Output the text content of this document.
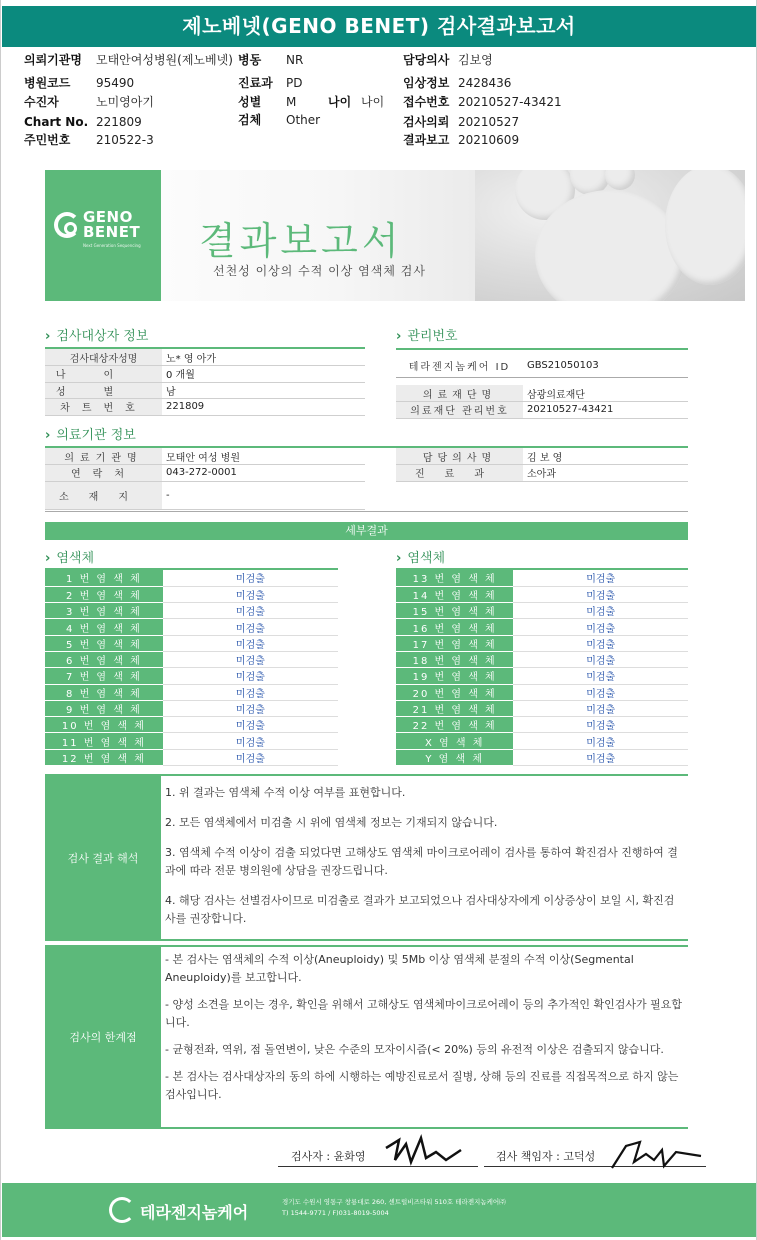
제노베넷(GENO BENET) 검사결과보고서
의뢰기관명 모태안여성병원(제노베넷) 병동 NR	담당의사 김보영
병원코드 95490	진료과 PD	임상정보 2428436
수진자	노미영아기	성별 M	나이 나이 접수번호 20210527-43421
Chart No. 221809	검체 Other	검사의뢰 20210527
주민번호 210522-3	결과보고 20210609
GENO
BENET
Next Generation Sequencing 결과보고서
선천성 이상의 수적 이상 염색체 검사
› 검사대상자 정보
검사대상자성명	노* 영 아가
나이	0 개월
성별	남
차트번호	221809
› 관리번호
테라젠지놈케어 ID	GBS21050103

의료재단명	삼광의료재단
의료재단 관리번호	20210527-43421
› 의료기관 정보
의료기관명	모태안 여성 병원
연락처	043-272-0001
소재지	-
담당의사명	김 보 영
진료과	소아과
세부결과
› 염색체	› 염색체
1 번 염 색 체	미검출
2 번 염 색 체	미검출
3 번 염 색 체	미검출
4 번 염 색 체	미검출
5 번 염 색 체	미검출
6 번 염 색 체	미검출
7 번 염 색 체	미검출
8 번 염 색 체	미검출
9 번 염 색 체	미검출
10 번 염 색 체	미검출
11 번 염 색 체	미검출
12 번 염 색 체	미검출
13 번 염 색 체	미검출
14 번 염 색 체	미검출
15 번 염 색 체	미검출
16 번 염 색 체	미검출
17 번 염 색 체	미검출
18 번 염 색 체	미검출
19 번 염 색 체	미검출
20 번 염 색 체	미검출
21 번 염 색 체	미검출
22 번 염 색 체	미검출
X 염 색 체	미검출
Y 염 색 체	미검출
검사 결과 해석

1. 위 결과는 염색체 수적 이상 여부를 표현합니다.

2. 모든 염색체에서 미검출 시 위에 염색체 정보는 기재되지 않습니다.

3. 염색체 수적 이상이 검출 되었다면 고해상도 염색체 마이크로어레이 검사를 통하여 확진검사 진행하여 결과에 따라 전문 병의원에 상담을 권장드립니다.

4. 해당 검사는 선별검사이므로 미검출로 결과가 보고되었으나 검사대상자에게 이상증상이 보일 시, 확진검사를 권장합니다.

검사의 한계점

- 본 검사는 염색체의 수적 이상(Aneuploidy) 및 5Mb 이상 염색체 분절의 수적 이상(Segmental Aneuploidy)를 보고합니다.

- 양성 소견을 보이는 경우, 확인을 위해서 고해상도 염색체마이크로어레이 등의 추가적인 확인검사가 필요합니다.

- 균형전좌, 역위, 점 돌연변이, 낮은 수준의 모자이시즘(< 20%) 등의 유전적 이상은 검출되지 않습니다.

- 본 검사는 검사대상자의 동의 하에 시행하는 예방진료로서 질병, 상해 등의 진료를 직접목적으로 하지 않는 검사입니다.

검사자 : 윤화영	검사 책임자 : 고덕성
테라젠지놈케어
경기도 수원시 영통구 창룡대로 260, 센트럴비즈타워 510호 테라젠지놈케어㈜
T) 1544-9771 / F)031-8019-5004
